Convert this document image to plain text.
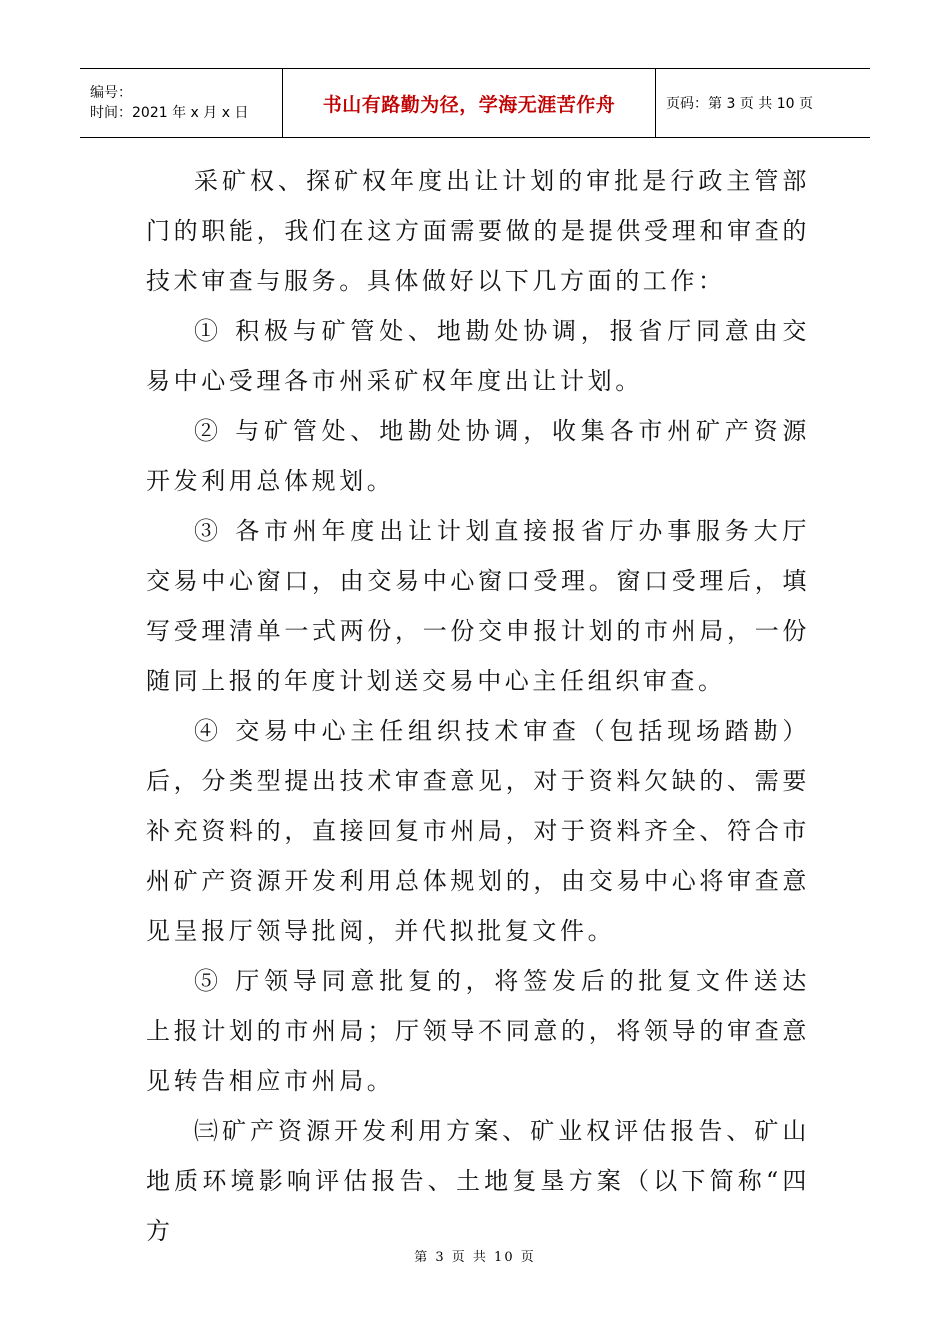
编号：
时间：2021 年 x 月 x 日	书山有路勤为径，学海无涯苦作舟	页码：第 3 页 共 10 页

采矿权、探矿权年度出让计划的审批是行政主管部门的职能，我们在这方面需要做的是提供受理和审查的技术审查与服务。具体做好以下几方面的工作：

① 积极与矿管处、地勘处协调，报省厅同意由交易中心受理各市州采矿权年度出让计划。

② 与矿管处、地勘处协调，收集各市州矿产资源开发利用总体规划。

③ 各市州年度出让计划直接报省厅办事服务大厅交易中心窗口，由交易中心窗口受理。窗口受理后，填写受理清单一式两份，一份交申报计划的市州局，一份随同上报的年度计划送交易中心主任组织审查。

④ 交易中心主任组织技术审查（包括现场踏勘）后，分类型提出技术审查意见，对于资料欠缺的、需要补充资料的，直接回复市州局，对于资料齐全、符合市州矿产资源开发利用总体规划的，由交易中心将审查意见呈报厅领导批阅，并代拟批复文件。

⑤ 厅领导同意批复的，将签发后的批复文件送达上报计划的市州局；厅领导不同意的，将领导的审查意见转告相应市州局。

㈢矿产资源开发利用方案、矿业权评估报告、矿山地质环境影响评估报告、土地复垦方案（以下简称“四方

第 3 页 共 10 页
